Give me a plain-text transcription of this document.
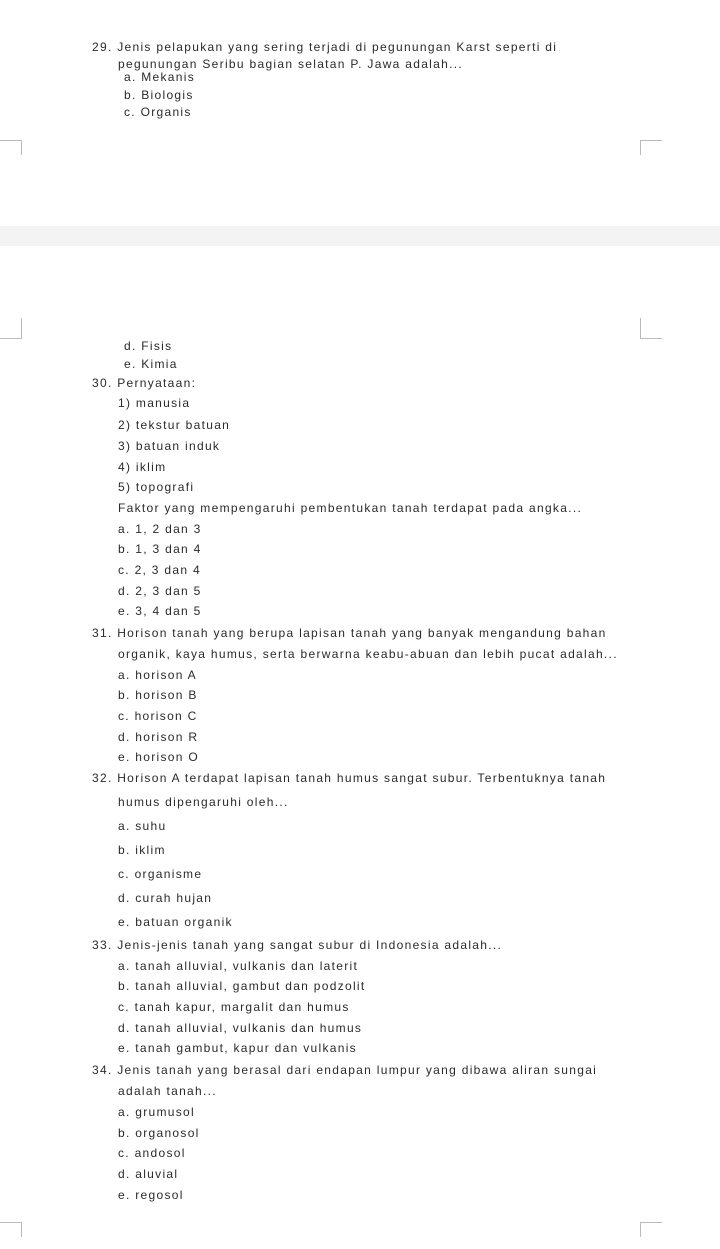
29. Jenis pelapukan yang sering terjadi di pegunungan Karst seperti di
pegunungan Seribu bagian selatan P. Jawa adalah...
a. Mekanis
b. Biologis
c. Organis
d. Fisis
e. Kimia
30. Pernyataan:
1) manusia
2) tekstur batuan
3) batuan induk
4) iklim
5) topografi
Faktor yang mempengaruhi pembentukan tanah terdapat pada angka...
a. 1, 2 dan 3
b. 1, 3 dan 4
c. 2, 3 dan 4
d. 2, 3 dan 5
e. 3, 4 dan 5
31. Horison tanah yang berupa lapisan tanah yang banyak mengandung bahan
organik, kaya humus, serta berwarna keabu-abuan dan lebih pucat adalah...
a. horison A
b. horison B
c. horison C
d. horison R
e. horison O
32. Horison A terdapat lapisan tanah humus sangat subur. Terbentuknya tanah
humus dipengaruhi oleh...
a. suhu
b. iklim
c. organisme
d. curah hujan
e. batuan organik
33. Jenis-jenis tanah yang sangat subur di Indonesia adalah...
a. tanah alluvial, vulkanis dan laterit
b. tanah alluvial, gambut dan podzolit
c. tanah kapur, margalit dan humus
d. tanah alluvial, vulkanis dan humus
e. tanah gambut, kapur dan vulkanis
34. Jenis tanah yang berasal dari endapan lumpur yang dibawa aliran sungai
adalah tanah...
a. grumusol
b. organosol
c. andosol
d. aluvial
e. regosol
